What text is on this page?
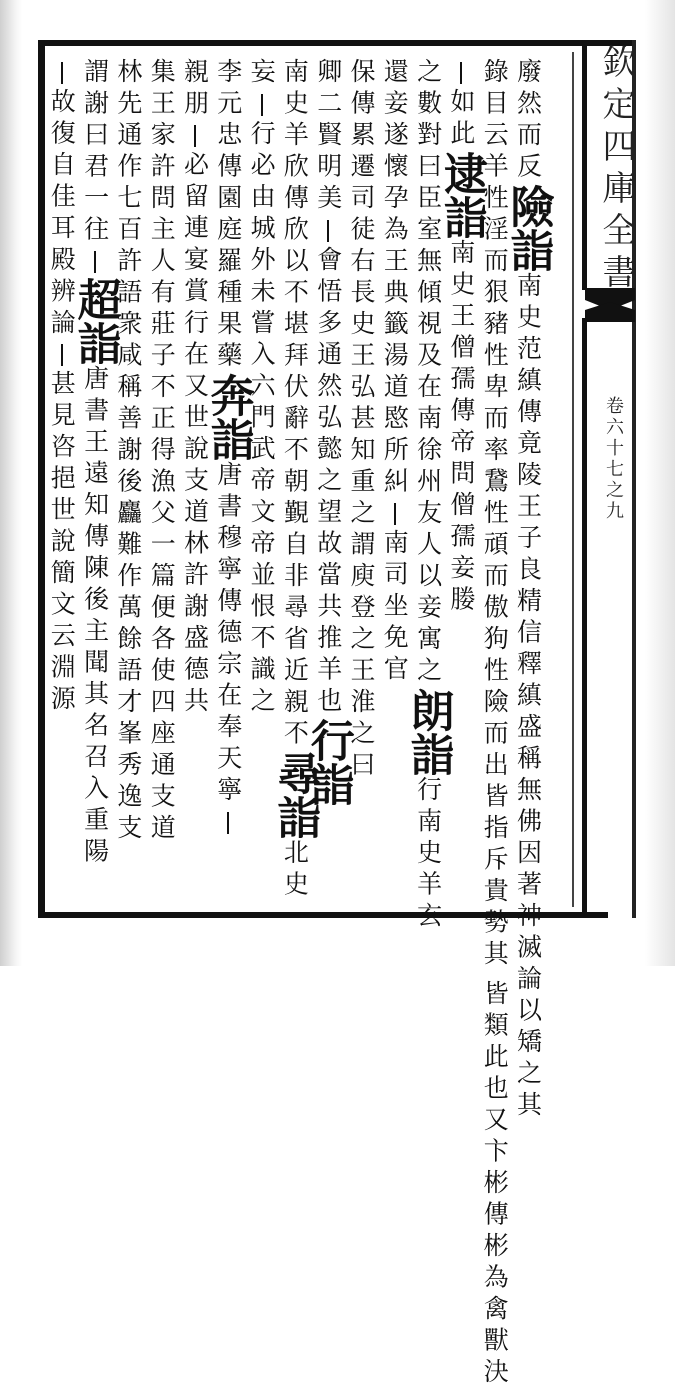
欽定四庫全書
卷六十七之九
廢然
而反
險詣
南史范縝傳竟陵王子良精信釋縝盛稱無佛因著神滅論以矯之其
錄目云羊性淫而狠豬性卑而率鵞性頑而傲狗性險而出皆指斥貴勢其
皆類此也又卞彬傳彬為禽獸決
如此
逮詣
南史王僧孺傳帝問僧孺妾媵
之數對曰臣室無傾視及在南徐州友人以妾寓之
朗詣
行南史羊玄
還妾遂懷孕為王典籤湯道愍所糾
南司坐免官
保傳累遷司徒右長史王弘甚知重之謂庾登之王淮之曰
卿二賢明美
會悟多通然弘懿之望故當共推羊也
行詣
南史羊欣傳欣以不堪拜伏辭不朝覲自非尋省近親不
尋詣
北史
妄
行必由城外未嘗入六門武帝文帝並恨不識之
李元忠傳園庭羅種果藥
奔詣
唐書穆寧傳德宗在奉天寧
親朋
必留連宴賞
行在又世說支道林許謝盛德共
集王家許問主人有莊子不正得漁父一篇便各使四座通支道
林先通作七百許語衆咸稱善謝後麤難作萬餘語才峯秀逸支
謂謝曰君一往
超詣
唐書王遠知傳陳後主聞其名召入重陽
故復自佳耳
殿辨論
甚見咨挹世說簡文云淵源
